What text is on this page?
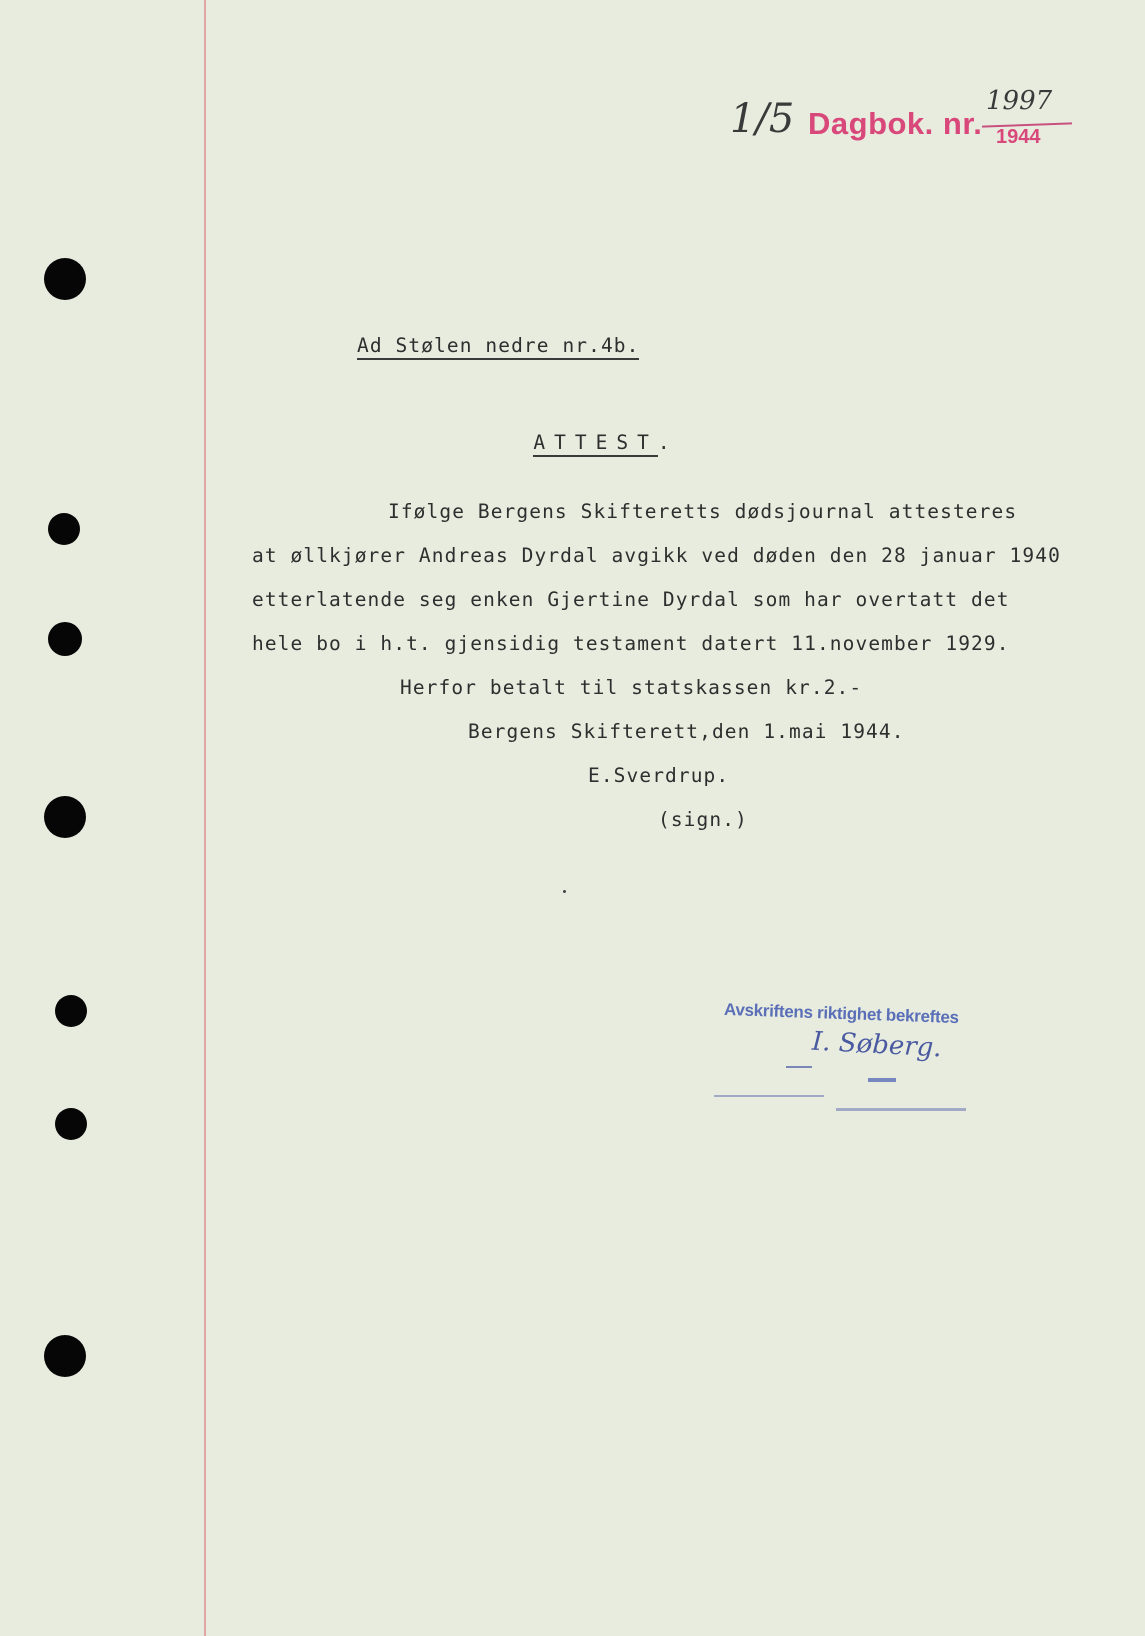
1/5 Dagbok. nr.
1997
1944
Ad Stølen nedre nr.4b.

ATTEST.

Ifølge Bergens Skifteretts dødsjournal attesteres
at øllkjører Andreas Dyrdal avgikk ved døden den 28 januar 1940
etterlatende seg enken Gjertine Dyrdal som har overtatt det
hele bo i h.t. gjensidig testament datert 11.november 1929.
Herfor betalt til statskassen kr.2.-
Bergens Skifterett,den 1.mai 1944.
E.Sverdrup.
(sign.)
Avskriftens riktighet bekreftes
I. Søberg.
